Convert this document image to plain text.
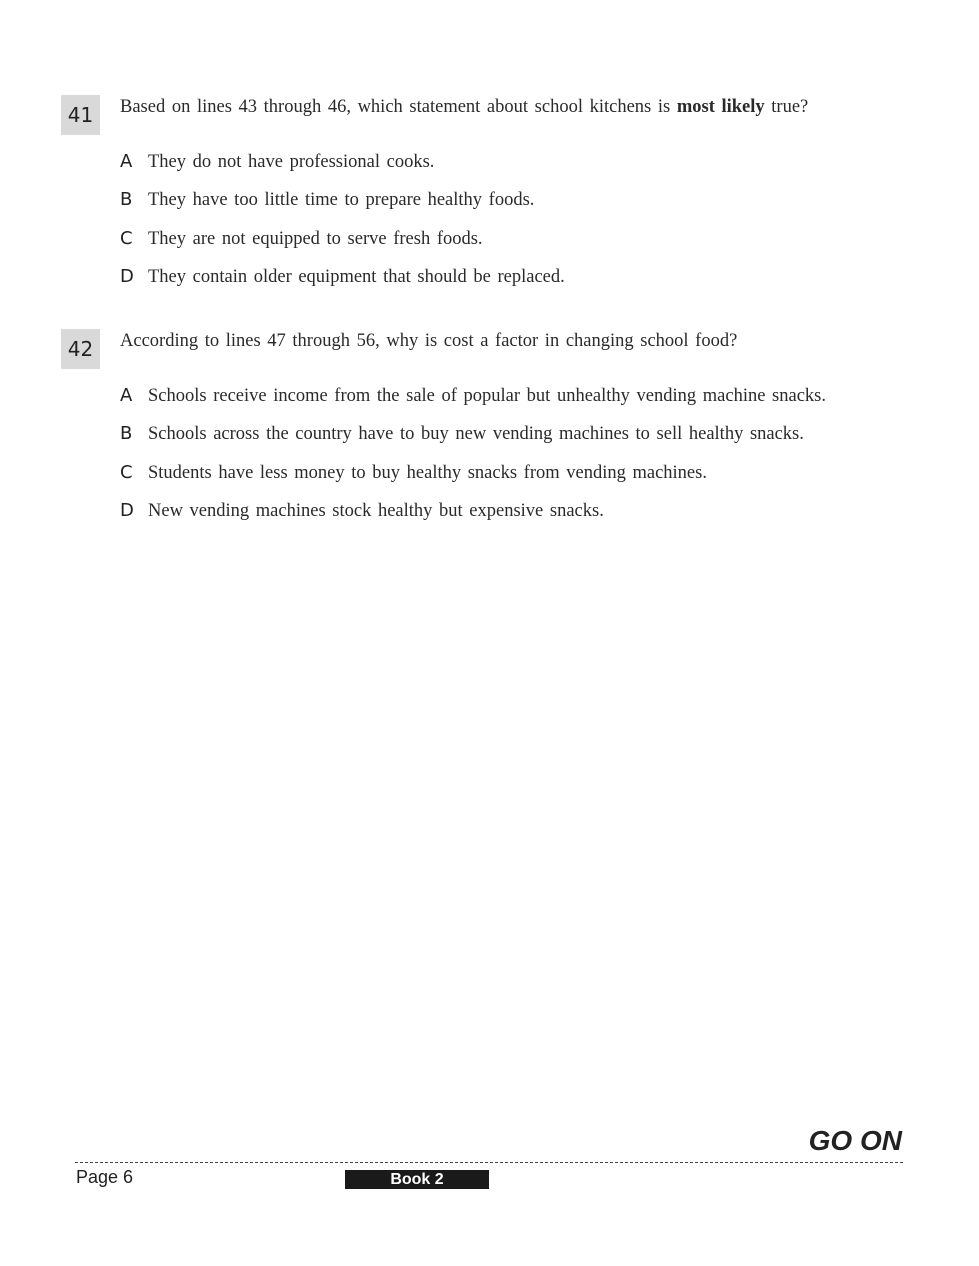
41	Based on lines 43 through 46, which statement about school kitchens is most likely true?
A They do not have professional cooks.
B They have too little time to prepare healthy foods.
C They are not equipped to serve fresh foods.
D They contain older equipment that should be replaced.
42	According to lines 47 through 56, why is cost a factor in changing school food?
A Schools receive income from the sale of popular but unhealthy vending machine snacks.
B Schools across the country have to buy new vending machines to sell healthy snacks.
C Students have less money to buy healthy snacks from vending machines.
D New vending machines stock healthy but expensive snacks.
GO ON
Page 6	Book 2
